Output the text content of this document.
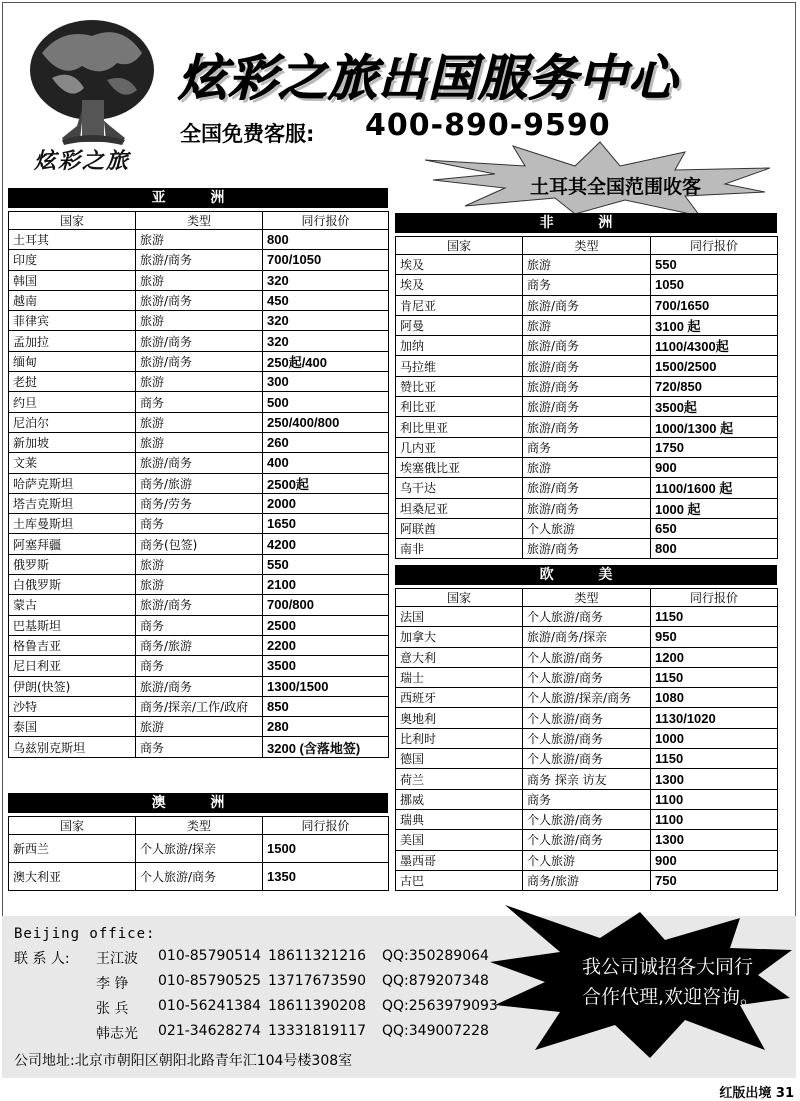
炫彩之旅
炫彩之旅出国服务中心
全国免费客服: 400-890-9590
土耳其全国范围收客
亚 洲
国家	类型	同行报价
土耳其	旅游	800
印度	旅游/商务	700/1050
韩国	旅游	320
越南	旅游/商务	450
菲律宾	旅游	320
孟加拉	旅游/商务	320
缅甸	旅游/商务	250起/400
老挝	旅游	300
约旦	商务	500
尼泊尔	旅游	250/400/800
新加坡	旅游	260
文莱	旅游/商务	400
哈萨克斯坦	商务/旅游	2500起
塔吉克斯坦	商务/劳务	2000
土库曼斯坦	商务	1650
阿塞拜疆	商务(包签)	4200
俄罗斯	旅游	550
白俄罗斯	旅游	2100
蒙古	旅游/商务	700/800
巴基斯坦	商务	2500
格鲁吉亚	商务/旅游	2200
尼日利亚	商务	3500
伊朗(快签)	旅游/商务	1300/1500
沙特	商务/探亲/工作/政府	850
泰国	旅游	280
乌兹别克斯坦	商务	3200 (含落地签)
澳 洲
国家	类型	同行报价
新西兰	个人旅游/探亲	1500
澳大利亚	个人旅游/商务	1350
非 洲
国家	类型	同行报价
埃及	旅游	550
埃及	商务	1050
肯尼亚	旅游/商务	700/1650
阿曼	旅游	3100 起
加纳	旅游/商务	1100/4300起
马拉维	旅游/商务	1500/2500
赞比亚	旅游/商务	720/850
利比亚	旅游/商务	3500起
利比里亚	旅游/商务	1000/1300 起
几内亚	商务	1750
埃塞俄比亚	旅游	900
乌干达	旅游/商务	1100/1600 起
坦桑尼亚	旅游/商务	1000 起
阿联酋	个人旅游	650
南非	旅游/商务	800
欧 美
国家	类型	同行报价
法国	个人旅游/商务	1150
加拿大	旅游/商务/探亲	950
意大利	个人旅游/商务	1200
瑞士	个人旅游/商务	1150
西班牙	个人旅游/探亲/商务	1080
奥地利	个人旅游/商务	1130/1020
比利时	个人旅游/商务	1000
德国	个人旅游/商务	1150
荷兰	商务 探亲 访友	1300
挪威	商务	1100
瑞典	个人旅游/商务	1100
美国	个人旅游/商务	1300
墨西哥	个人旅游	900
古巴	商务/旅游	750
Beijing office:
联 系 人: 王江波 010-85790514 18611321216 QQ:350289064
李 铮 010-85790525 13717673590 QQ:879207348
张 兵 010-56241384 18611390208 QQ:2563979093
韩志光 021-34628274 13331819117 QQ:349007228
公司地址:北京市朝阳区朝阳北路青年汇104号楼308室
我公司诚招各大同行
合作代理,欢迎咨询。
红版出境 31
